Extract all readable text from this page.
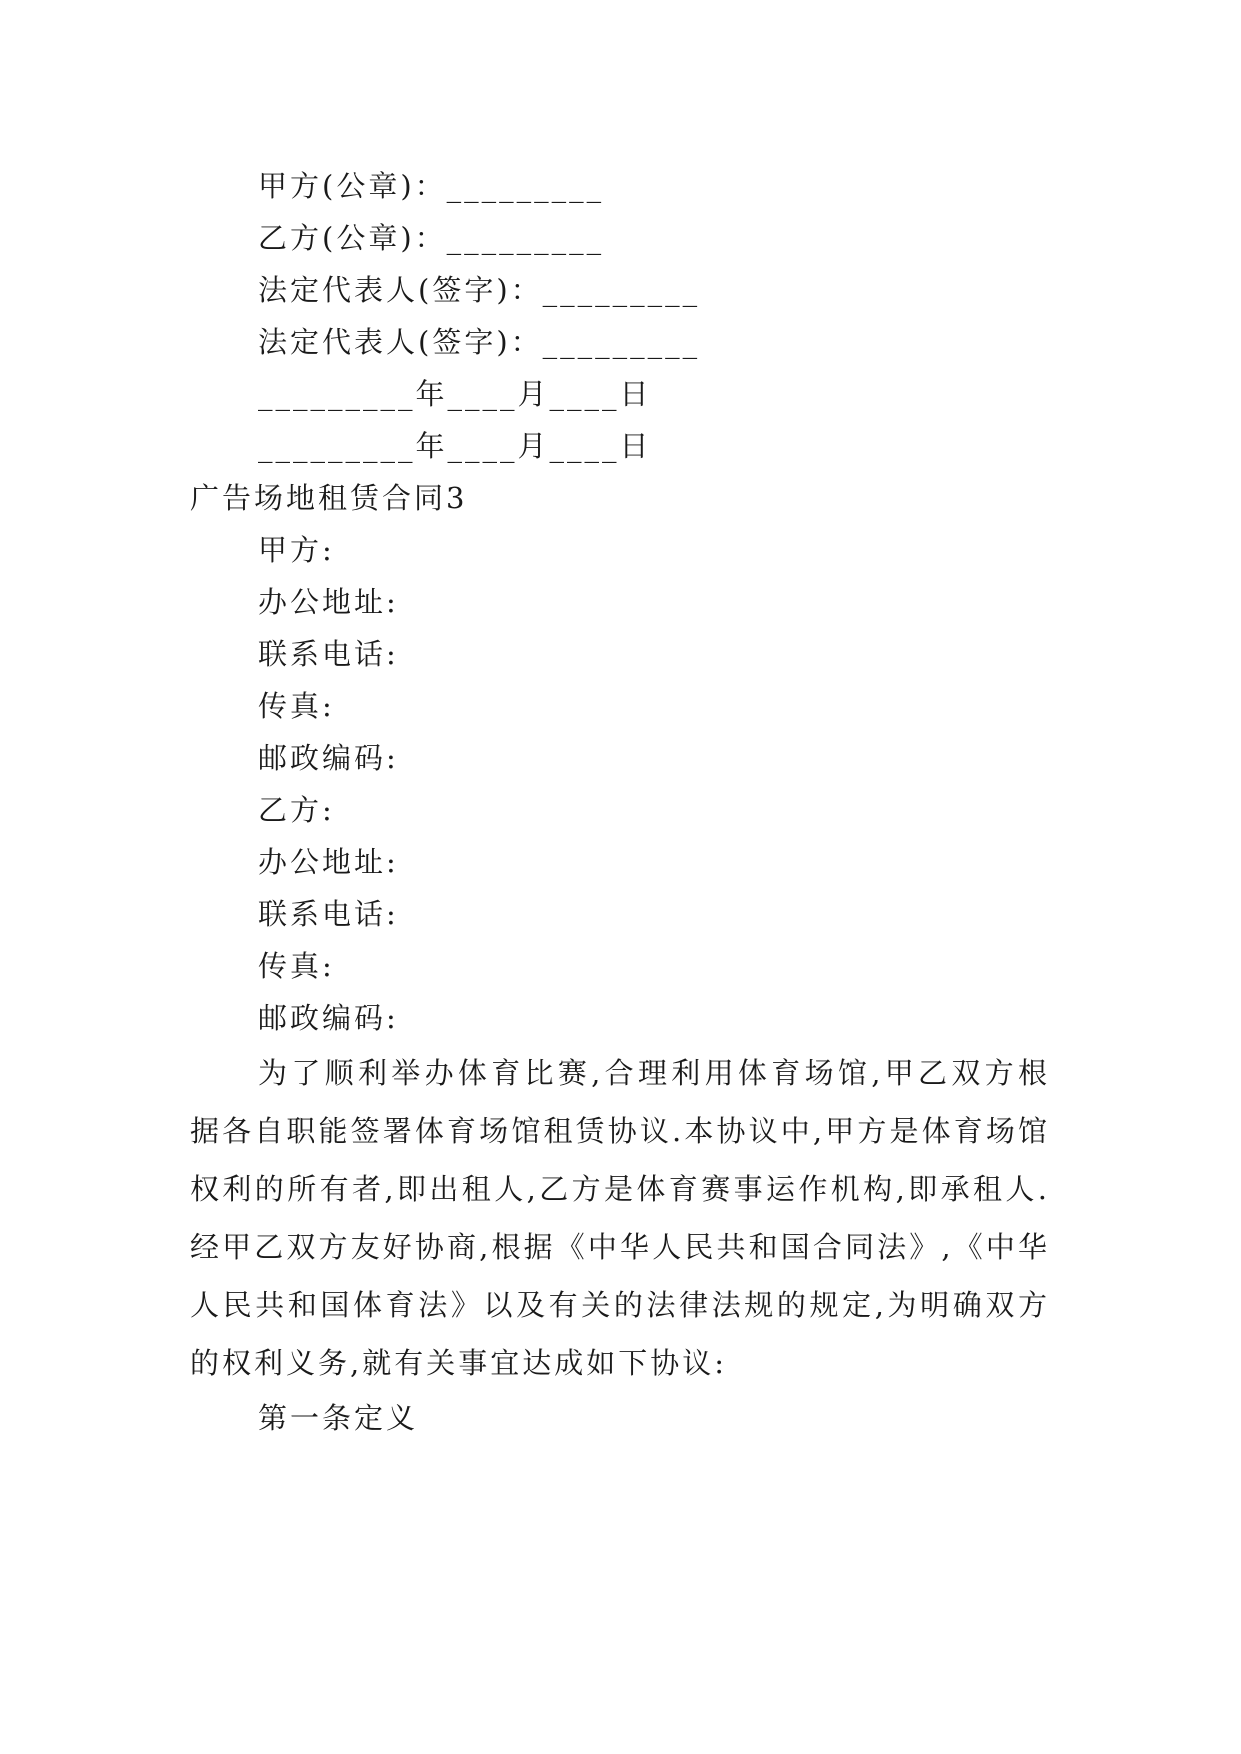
甲方(公章)：_________
乙方(公章)：_________
法定代表人(签字)：_________
法定代表人(签字)：_________
_________年____月____日
_________年____月____日
广告场地租赁合同3
甲方:
办公地址:
联系电话:
传真:
邮政编码:
乙方:
办公地址:
联系电话:
传真:
邮政编码:

为了顺利举办体育比赛,合理利用体育场馆,甲乙双方根据各自职能签署体育场馆租赁协议.本协议中,甲方是体育场馆权利的所有者,即出租人,乙方是体育赛事运作机构,即承租人.经甲乙双方友好协商,根据《中华人民共和国合同法》,《中华人民共和国体育法》以及有关的法律法规的规定,为明确双方的权利义务,就有关事宜达成如下协议:

第一条定义
